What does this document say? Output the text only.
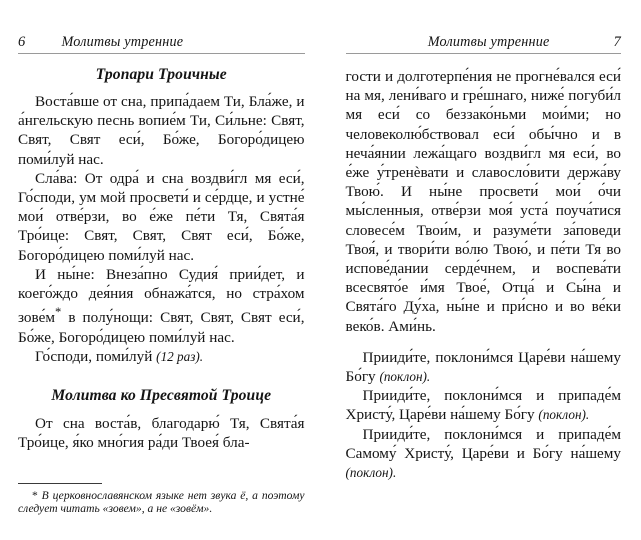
6	Молитвы утренние
Тропари Троичные

Воста́вше от сна, припа́даем Ти, Бла́же, и а́нгельскую песнь вопие́м Ти, Си́льне: Свят, Свят, Свят еси́, Бо́же, Богоро́дицею поми́луй нас.

Сла́ва: От одра́ и сна воздви́гл мя еси́, Го́споди, ум мой просвети́ и се́рдце, и устне́ мои́ отве́рзи, во е́же пе́ти Тя, Свята́я Тро́ице: Свят, Свят, Свят еси́, Бо́же, Богоро́дицею поми́луй нас.

И ны́не: Внеза́пно Судия́ прии́дет, и коего́ждо дея́ния обнажа́тся, но стра́хом зове́м* в полу́нощи: Свят, Свят, Свят еси́, Бо́же, Богоро́дицею поми́луй нас.

Го́споди, поми́луй (12 раз).

Молитва ко Пресвятой Троице

От сна воста́в, благодарю́ Тя, Свята́я Тро́ице, я́ко мно́гия ра́ди Твоея́ бла-

* В церковнославянском языке нет звука ё, а поэтому следует читать «зовем», а не «зовём».

Молитвы утренние	7

гости и долготерпе́ния не прогне́вался еси́ на мя, лени́ваго и гре́шнаго, ниже́ погуби́л мя еси́ со беззако́ньми мои́ми; но человеколю́бствовал еси́ обы́чно и в неча́янии лежа́щаго воздви́гл мя еси́, во е́же у́тренѐвати и славосло́вити держа́ву Твою́. И ны́не просвети́ мои́ о́чи мы́сленныя, отве́рзи моя́ уста́ поуча́тися словесе́м Твои́м, и разуме́ти за́поведи Твоя́, и твори́ти во́лю Твою́, и пе́ти Тя во испове́дании серде́чнем, и воспева́ти всесвято́е и́мя Твое́, Отца́ и Сы́на и Свята́го Ду́ха, ны́не и при́сно и во ве́ки веко́в. Ами́нь.

Прииди́те, поклони́мся Царе́ви на́шему Бо́гу (поклон).

Прииди́те, поклони́мся и припаде́м Христу́, Царе́ви на́шему Бо́гу (поклон).

Прииди́те, поклони́мся и припаде́м Самому́ Христу́, Царе́ви и Бо́гу на́шему (поклон).
